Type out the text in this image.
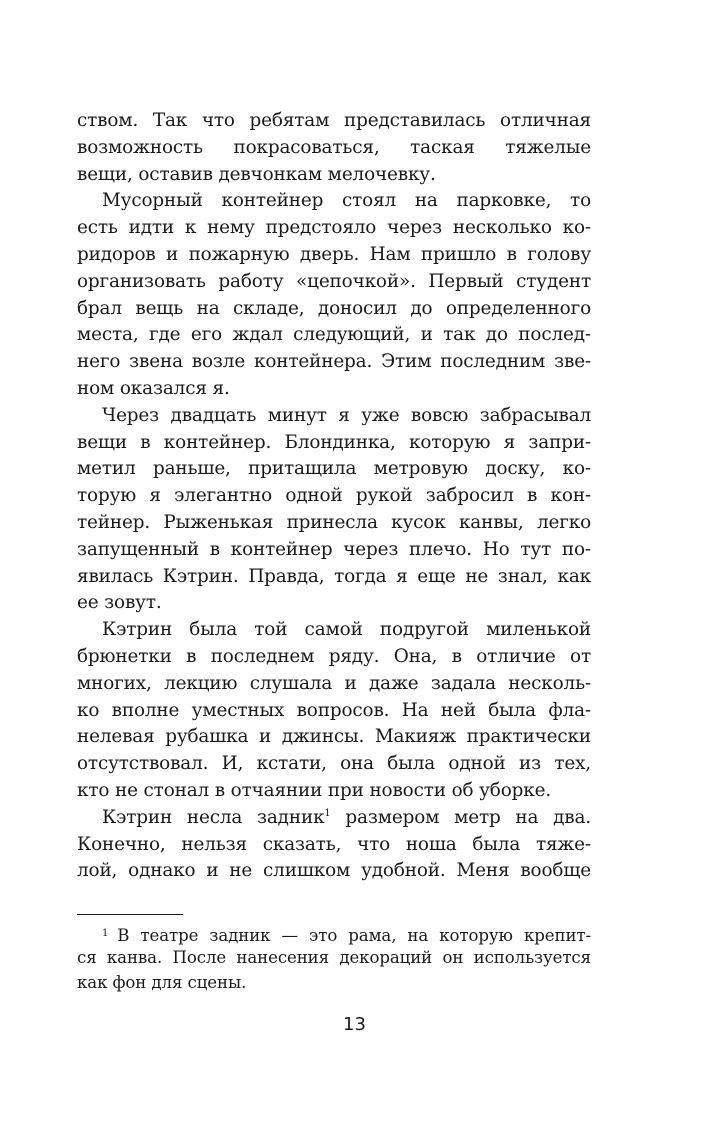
ством. Так что ребятам представилась отличная
возможность покрасоваться, таская тяжелые
вещи, оставив девчонкам мелочевку.
Мусорный контейнер стоял на парковке, то
есть идти к нему предстояло через несколько ко-
ридоров и пожарную дверь. Нам пришло в голову
организовать работу «цепочкой». Первый студент
брал вещь на складе, доносил до определенного
места, где его ждал следующий, и так до послед-
него звена возле контейнера. Этим последним зве-
ном оказался я.
Через двадцать минут я уже вовсю забрасывал
вещи в контейнер. Блондинка, которую я запри-
метил раньше, притащила метровую доску, ко-
торую я элегантно одной рукой забросил в кон-
тейнер. Рыженькая принесла кусок канвы, легко
запущенный в контейнер через плечо. Но тут по-
явилась Кэтрин. Правда, тогда я еще не знал, как
ее зовут.
Кэтрин была той самой подругой миленькой
брюнетки в последнем ряду. Она, в отличие от
многих, лекцию слушала и даже задала несколь-
ко вполне уместных вопросов. На ней была фла-
нелевая рубашка и джинсы. Макияж практически
отсутствовал. И, кстати, она была одной из тех,
кто не стонал в отчаянии при новости об уборке.
Кэтрин несла задник$^1$ размером метр на два.
Конечно, нельзя сказать, что ноша была тяже-
лой, однако и не слишком удобной. Меня вообще
$^1$ В театре задник — это рама, на которую крепит-
ся канва. После нанесения декораций он используется
как фон для сцены.
13
